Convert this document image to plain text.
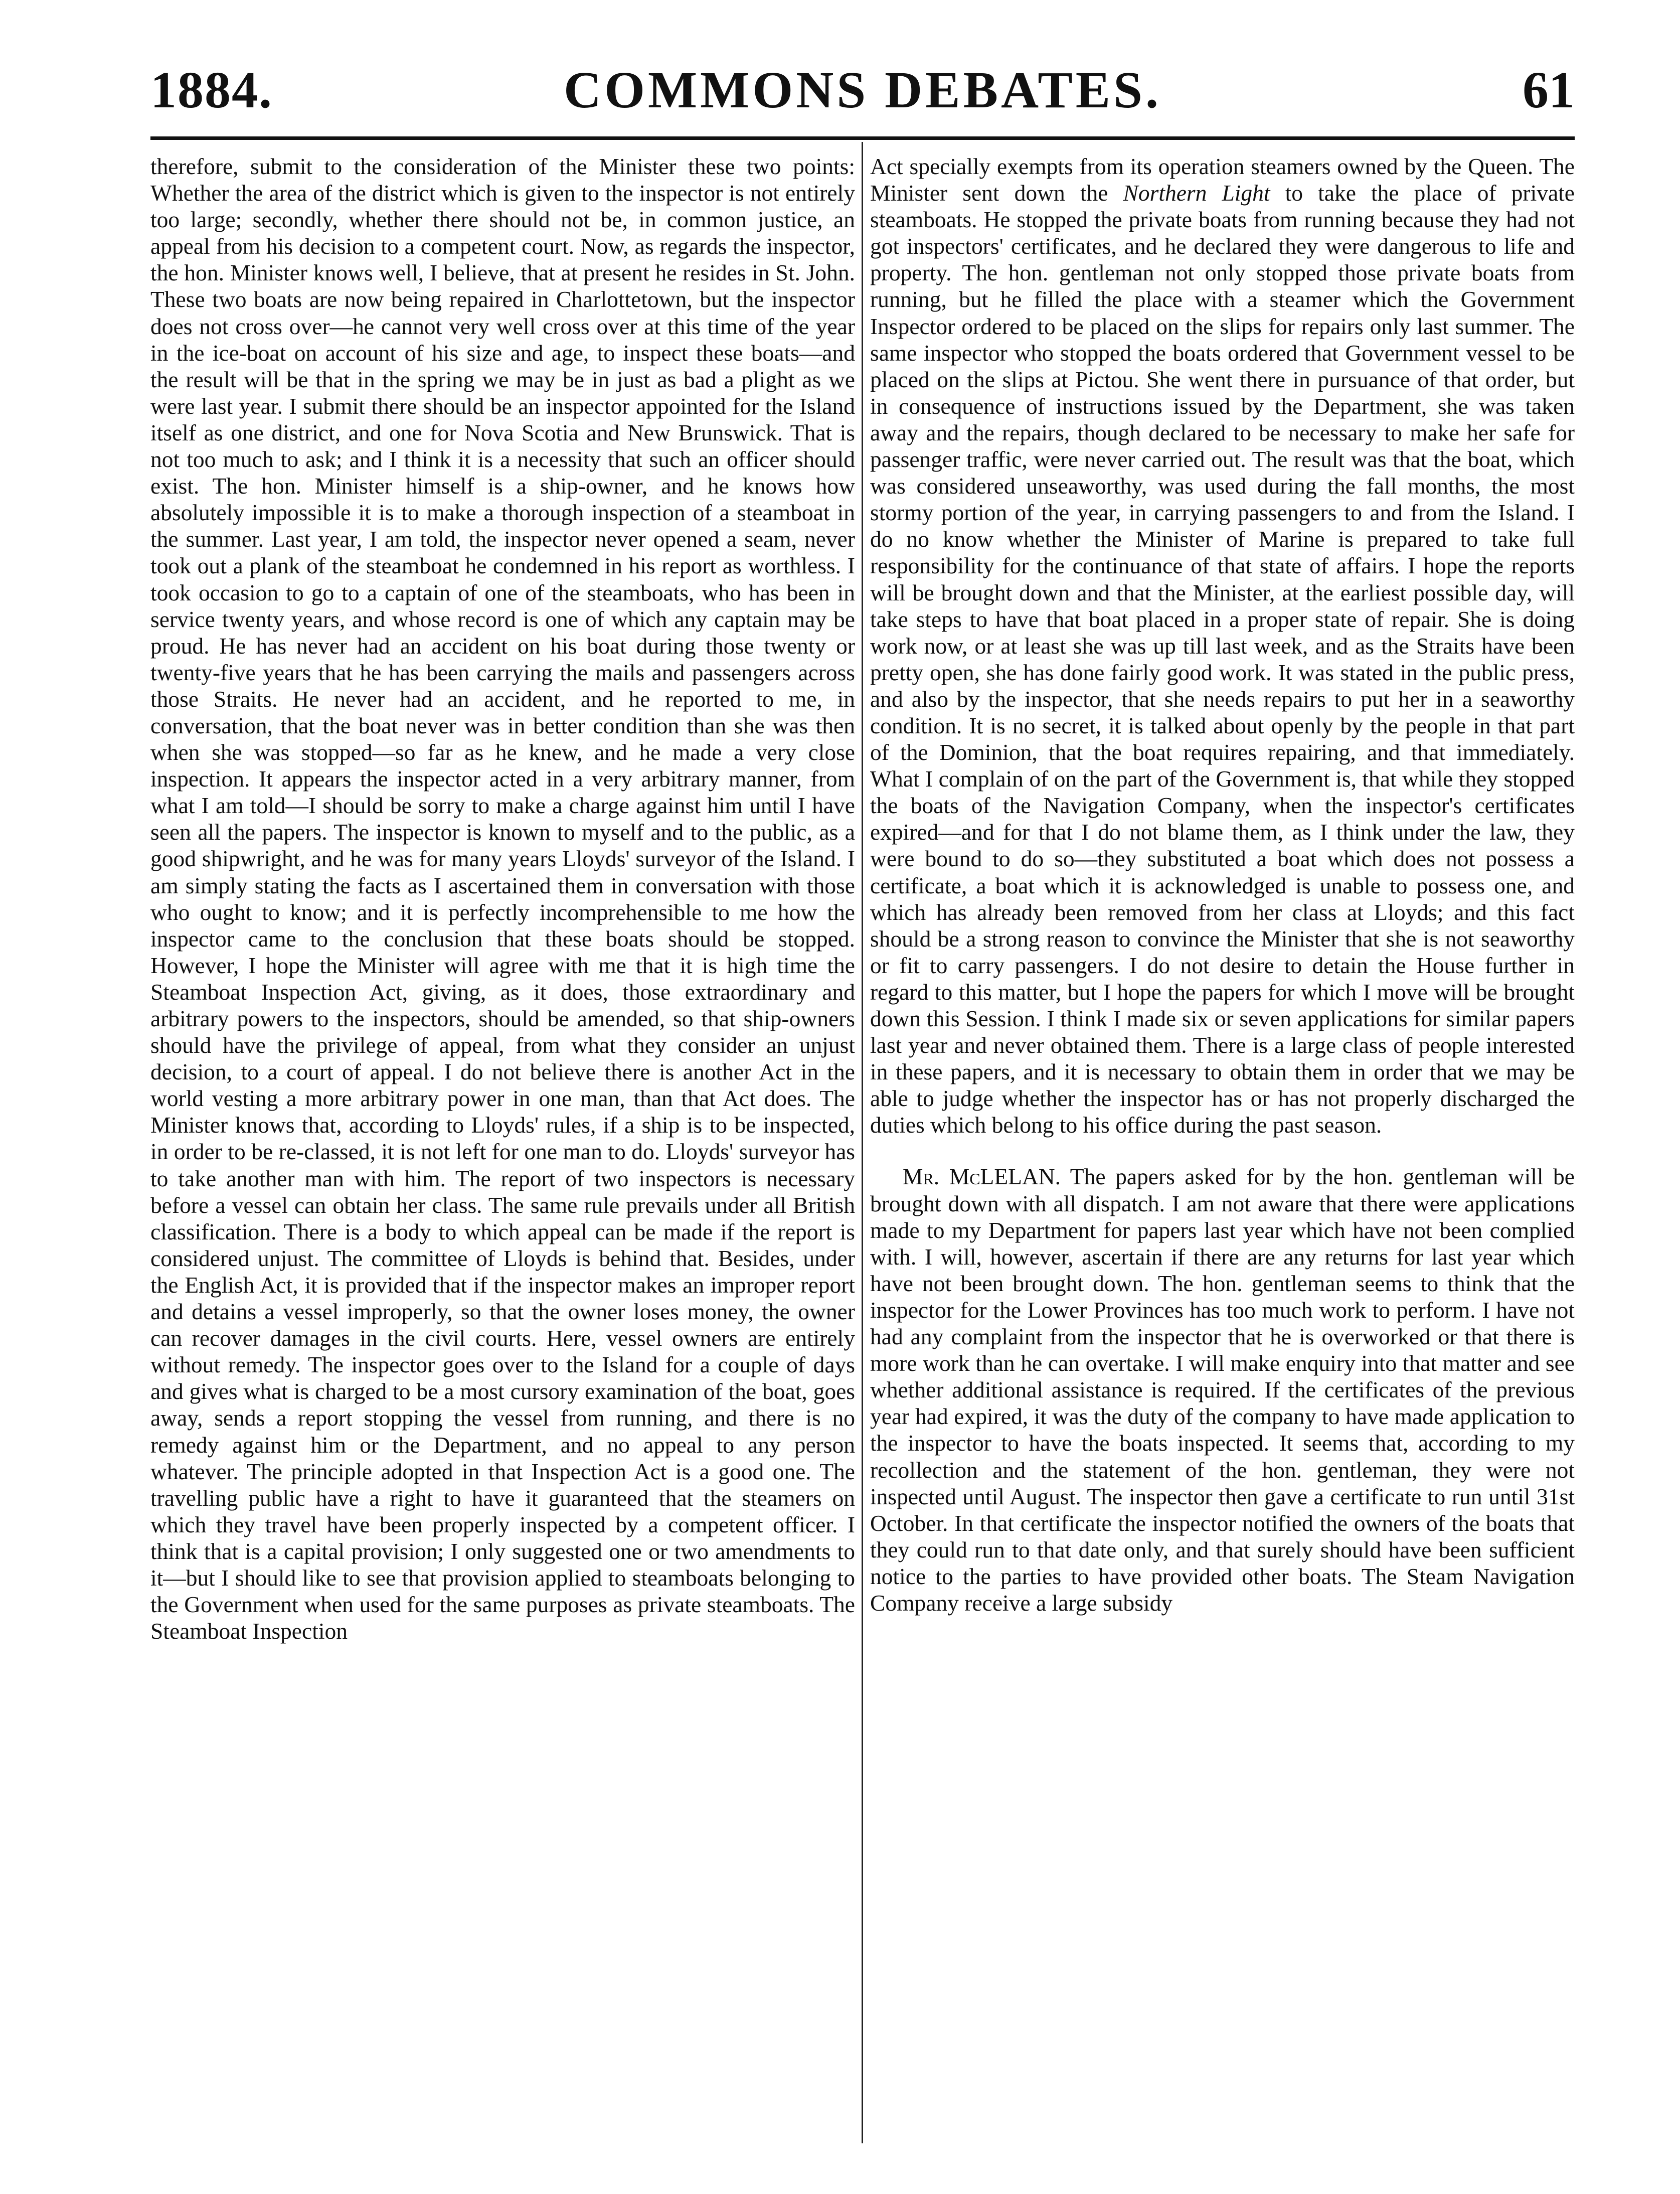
COMMONS DEBATES.
1884.	61

therefore, submit to the consideration of the Minister these two points: Whether the area of the district which is given to the inspector is not entirely too large; secondly, whether there should not be, in common justice, an appeal from his decision to a competent court. Now, as regards the inspector, the hon. Minister knows well, I believe, that at present he resides in St. John. These two boats are now being repaired in Charlottetown, but the inspector does not cross over—he cannot very well cross over at this time of the year in the ice-boat on account of his size and age, to inspect these boats—and the result will be that in the spring we may be in just as bad a plight as we were last year. I submit there should be an inspector appointed for the Island itself as one district, and one for Nova Scotia and New Brunswick. That is not too much to ask; and I think it is a necessity that such an officer should exist. The hon. Minister himself is a ship-owner, and he knows how absolutely impossible it is to make a thorough inspection of a steamboat in the summer. Last year, I am told, the inspector never opened a seam, never took out a plank of the steamboat he condemned in his report as worthless. I took occasion to go to a captain of one of the steamboats, who has been in service twenty years, and whose record is one of which any captain may be proud. He has never had an accident on his boat during those twenty or twenty-five years that he has been carrying the mails and passengers across those Straits. He never had an accident, and he reported to me, in conversation, that the boat never was in better condition than she was then when she was stopped—so far as he knew, and he made a very close inspection. It appears the inspector acted in a very arbitrary manner, from what I am told—I should be sorry to make a charge against him until I have seen all the papers. The inspector is known to myself and to the public, as a good shipwright, and he was for many years Lloyds' surveyor of the Island. I am simply stating the facts as I ascertained them in conversation with those who ought to know; and it is perfectly incomprehensible to me how the inspector came to the conclusion that these boats should be stopped. However, I hope the Minister will agree with me that it is high time the Steamboat Inspection Act, giving, as it does, those extraordinary and arbitrary powers to the inspectors, should be amended, so that ship-owners should have the privilege of appeal, from what they consider an unjust decision, to a court of appeal. I do not believe there is another Act in the world vesting a more arbitrary power in one man, than that Act does. The Minister knows that, according to Lloyds' rules, if a ship is to be inspected, in order to be re-classed, it is not left for one man to do. Lloyds' surveyor has to take another man with him. The report of two inspectors is necessary before a vessel can obtain her class. The same rule prevails under all British classification. There is a body to which appeal can be made if the report is considered unjust. The committee of Lloyds is behind that. Besides, under the English Act, it is provided that if the inspector makes an improper report and detains a vessel improperly, so that the owner loses money, the owner can recover damages in the civil courts. Here, vessel owners are entirely without remedy. The inspector goes over to the Island for a couple of days and gives what is charged to be a most cursory examination of the boat, goes away, sends a report stopping the vessel from running, and there is no remedy against him or the Department, and no appeal to any person whatever. The principle adopted in that Inspection Act is a good one. The travelling public have a right to have it guaranteed that the steamers on which they travel have been properly inspected by a competent officer. I think that is a capital provision; I only suggested one or two amendments to it—but I should like to see that provision applied to steamboats belonging to the Government when used for the same purposes as private steamboats. The Steamboat Inspection

Act specially exempts from its operation steamers owned by the Queen. The Minister sent down the Northern Light to take the place of private steamboats. He stopped the private boats from running because they had not got inspectors' certificates, and he declared they were dangerous to life and property. The hon. gentleman not only stopped those private boats from running, but he filled the place with a steamer which the Government Inspector ordered to be placed on the slips for repairs only last summer. The same inspector who stopped the boats ordered that Government vessel to be placed on the slips at Pictou. She went there in pursuance of that order, but in consequence of instructions issued by the Department, she was taken away and the repairs, though declared to be necessary to make her safe for passenger traffic, were never carried out. The result was that the boat, which was considered unseaworthy, was used during the fall months, the most stormy portion of the year, in carrying passengers to and from the Island. I do no know whether the Minister of Marine is prepared to take full responsibility for the continuance of that state of affairs. I hope the reports will be brought down and that the Minister, at the earliest possible day, will take steps to have that boat placed in a proper state of repair. She is doing work now, or at least she was up till last week, and as the Straits have been pretty open, she has done fairly good work. It was stated in the public press, and also by the inspector, that she needs repairs to put her in a seaworthy condition. It is no secret, it is talked about openly by the people in that part of the Dominion, that the boat requires repairing, and that immediately. What I complain of on the part of the Government is, that while they stopped the boats of the Navigation Company, when the inspector's certificates expired—and for that I do not blame them, as I think under the law, they were bound to do so—they substituted a boat which does not possess a certificate, a boat which it is acknowledged is unable to possess one, and which has already been removed from her class at Lloyds; and this fact should be a strong reason to convince the Minister that she is not seaworthy or fit to carry passengers. I do not desire to detain the House further in regard to this matter, but I hope the papers for which I move will be brought down this Session. I think I made six or seven applications for similar papers last year and never obtained them. There is a large class of people interested in these papers, and it is necessary to obtain them in order that we may be able to judge whether the inspector has or has not properly discharged the duties which belong to his office during the past season.

Mr. McLELAN. The papers asked for by the hon. gentleman will be brought down with all dispatch. I am not aware that there were applications made to my Department for papers last year which have not been complied with. I will, however, ascertain if there are any returns for last year which have not been brought down. The hon. gentleman seems to think that the inspector for the Lower Provinces has too much work to perform. I have not had any complaint from the inspector that he is overworked or that there is more work than he can overtake. I will make enquiry into that matter and see whether additional assistance is required. If the certificates of the previous year had expired, it was the duty of the company to have made application to the inspector to have the boats inspected. It seems that, according to my recollection and the statement of the hon. gentleman, they were not inspected until August. The inspector then gave a certificate to run until 31st October. In that certificate the inspector notified the owners of the boats that they could run to that date only, and that surely should have been sufficient notice to the parties to have provided other boats. The Steam Navigation Company receive a large subsidy
